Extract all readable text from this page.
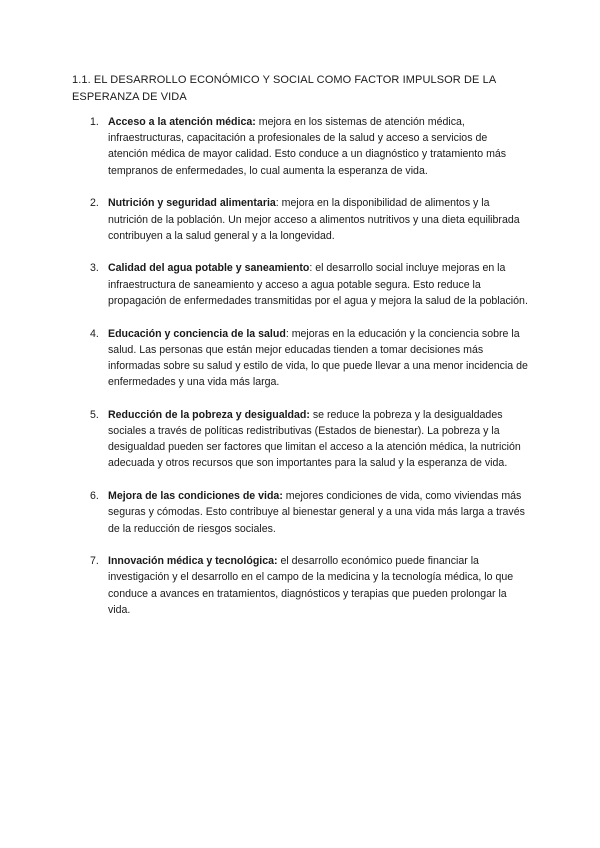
1.1. EL DESARROLLO ECONÓMICO Y SOCIAL COMO FACTOR IMPULSOR DE LA ESPERANZA DE VIDA

1. Acceso a la atención médica: mejora en los sistemas de atención médica, infraestructuras, capacitación a profesionales de la salud y acceso a servicios de atención médica de mayor calidad. Esto conduce a un diagnóstico y tratamiento más tempranos de enfermedades, lo cual aumenta la esperanza de vida.
2. Nutrición y seguridad alimentaria: mejora en la disponibilidad de alimentos y la nutrición de la población. Un mejor acceso a alimentos nutritivos y una dieta equilibrada contribuyen a la salud general y a la longevidad.
3. Calidad del agua potable y saneamiento: el desarrollo social incluye mejoras en la infraestructura de saneamiento y acceso a agua potable segura. Esto reduce la propagación de enfermedades transmitidas por el agua y mejora la salud de la población.
4. Educación y conciencia de la salud: mejoras en la educación y la conciencia sobre la salud. Las personas que están mejor educadas tienden a tomar decisiones más informadas sobre su salud y estilo de vida, lo que puede llevar a una menor incidencia de enfermedades y una vida más larga.
5. Reducción de la pobreza y desigualdad: se reduce la pobreza y la desigualdades sociales a través de políticas redistributivas (Estados de bienestar). La pobreza y la desigualdad pueden ser factores que limitan el acceso a la atención médica, la nutrición adecuada y otros recursos que son importantes para la salud y la esperanza de vida.
6. Mejora de las condiciones de vida: mejores condiciones de vida, como viviendas más seguras y cómodas. Esto contribuye al bienestar general y a una vida más larga a través de la reducción de riesgos sociales.
7. Innovación médica y tecnológica: el desarrollo económico puede financiar la investigación y el desarrollo en el campo de la medicina y la tecnología médica, lo que conduce a avances en tratamientos, diagnósticos y terapias que pueden prolongar la vida.
